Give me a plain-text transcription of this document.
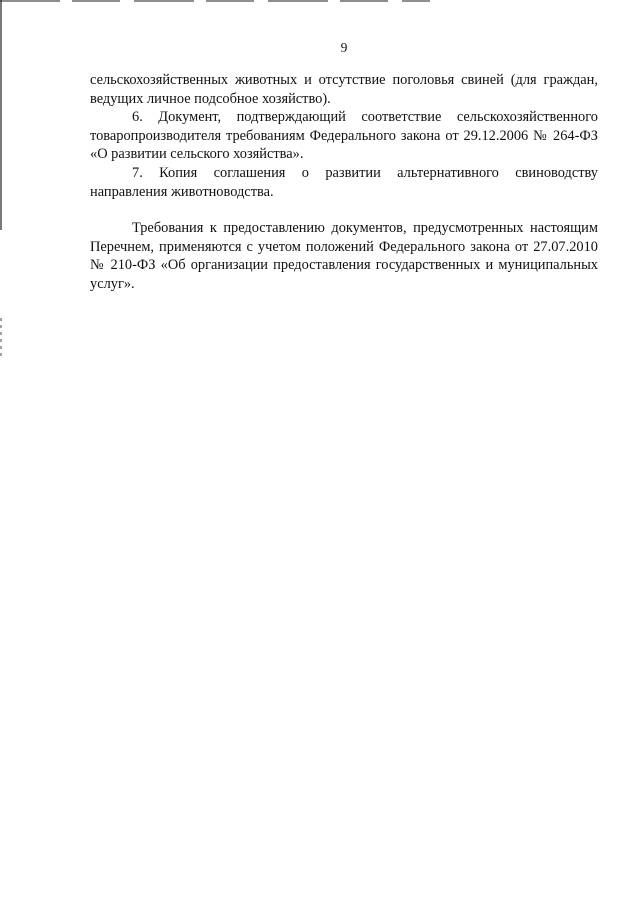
9

сельскохозяйственных животных и отсутствие поголовья свиней (для граждан, ведущих личное подсобное хозяйство).

6. Документ, подтверждающий соответствие сельскохозяйственного товаропроизводителя требованиям Федерального закона от 29.12.2006 № 264-ФЗ «О развитии сельского хозяйства».

7. Копия соглашения о развитии альтернативного свиноводству направления животноводства.

Требования к предоставлению документов, предусмотренных настоящим Перечнем, применяются с учетом положений Федерального закона от 27.07.2010 № 210-ФЗ «Об организации предоставления государственных и муниципальных услуг».
